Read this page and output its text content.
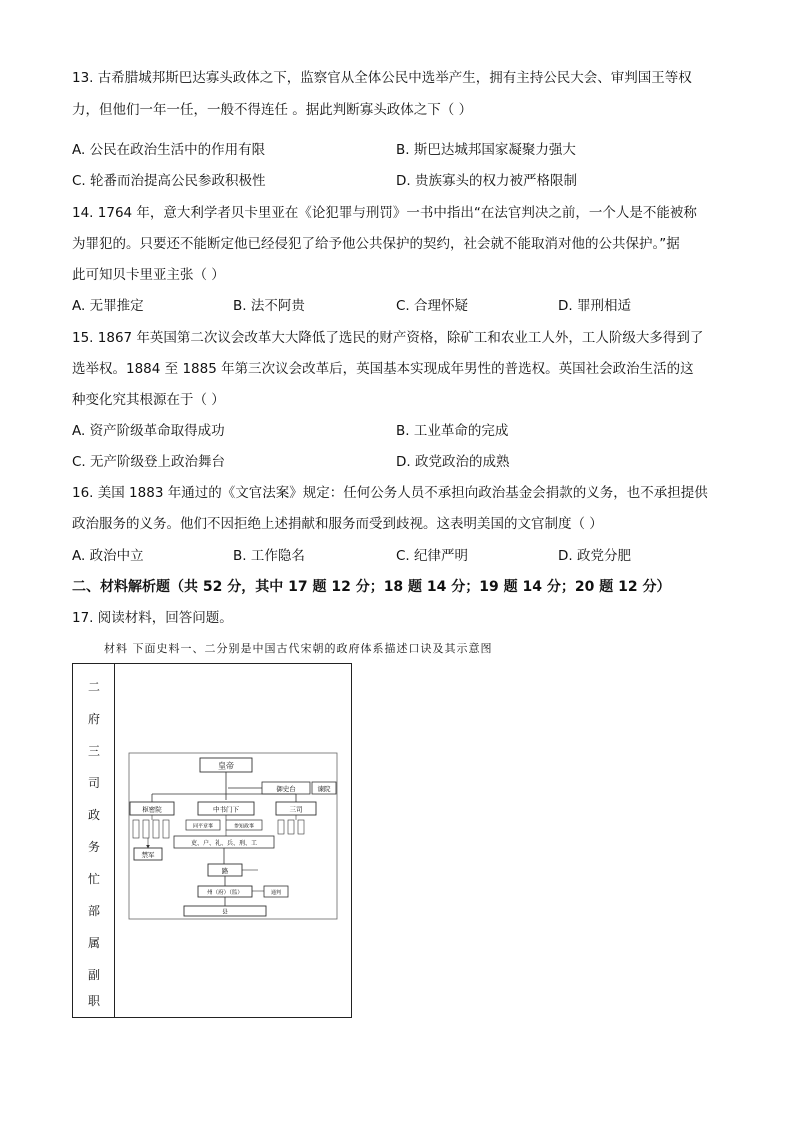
13. 古希腊城邦斯巴达寡头政体之下，监察官从全体公民中选举产生，拥有主持公民大会、审判国王等权
力，但他们一年一任，一般不得连任 。据此判断寡头政体之下（ ）
A. 公民在政治生活中的作用有限	B. 斯巴达城邦国家凝聚力强大
C. 轮番而治提高公民参政积极性	D. 贵族寡头的权力被严格限制
14. 1764 年，意大利学者贝卡里亚在《论犯罪与刑罚》一书中指出“在法官判决之前，一个人是不能被称
为罪犯的。只要还不能断定他已经侵犯了给予他公共保护的契约，社会就不能取消对他的公共保护。”据
此可知贝卡里亚主张（ ）
A. 无罪推定	B. 法不阿贵	C. 合理怀疑	D. 罪刑相适
15. 1867 年英国第二次议会改革大大降低了选民的财产资格，除矿工和农业工人外，工人阶级大多得到了
选举权。1884 至 1885 年第三次议会改革后，英国基本实现成年男性的普选权。英国社会政治生活的这
种变化究其根源在于（ ）
A. 资产阶级革命取得成功	B. 工业革命的完成
C. 无产阶级登上政治舞台	D. 政党政治的成熟
16. 美国 1883 年通过的《文官法案》规定：任何公务人员不承担向政治基金会捐款的义务，也不承担提供
政治服务的义务。他们不因拒绝上述捐献和服务而受到歧视。这表明美国的文官制度（ ）
A. 政治中立	B. 工作隐名	C. 纪律严明	D. 政党分肥
二、材料解析题（共 52 分，其中 17 题 12 分；18 题 14 分；19 题 14 分；20 题 12 分）
17. 阅读材料，回答问题。
材料 下面史料一、二分别是中国古代宋朝的政府体系描述口诀及其示意图
二
府
三
司
政
务
忙
部
属
副
职
皇帝
御史台	谏院
枢密院
禁军
中书门下
同平章事	参知政事
吏、户、礼、兵、刑、工
三司
路
州（府）（监）	通判
县
